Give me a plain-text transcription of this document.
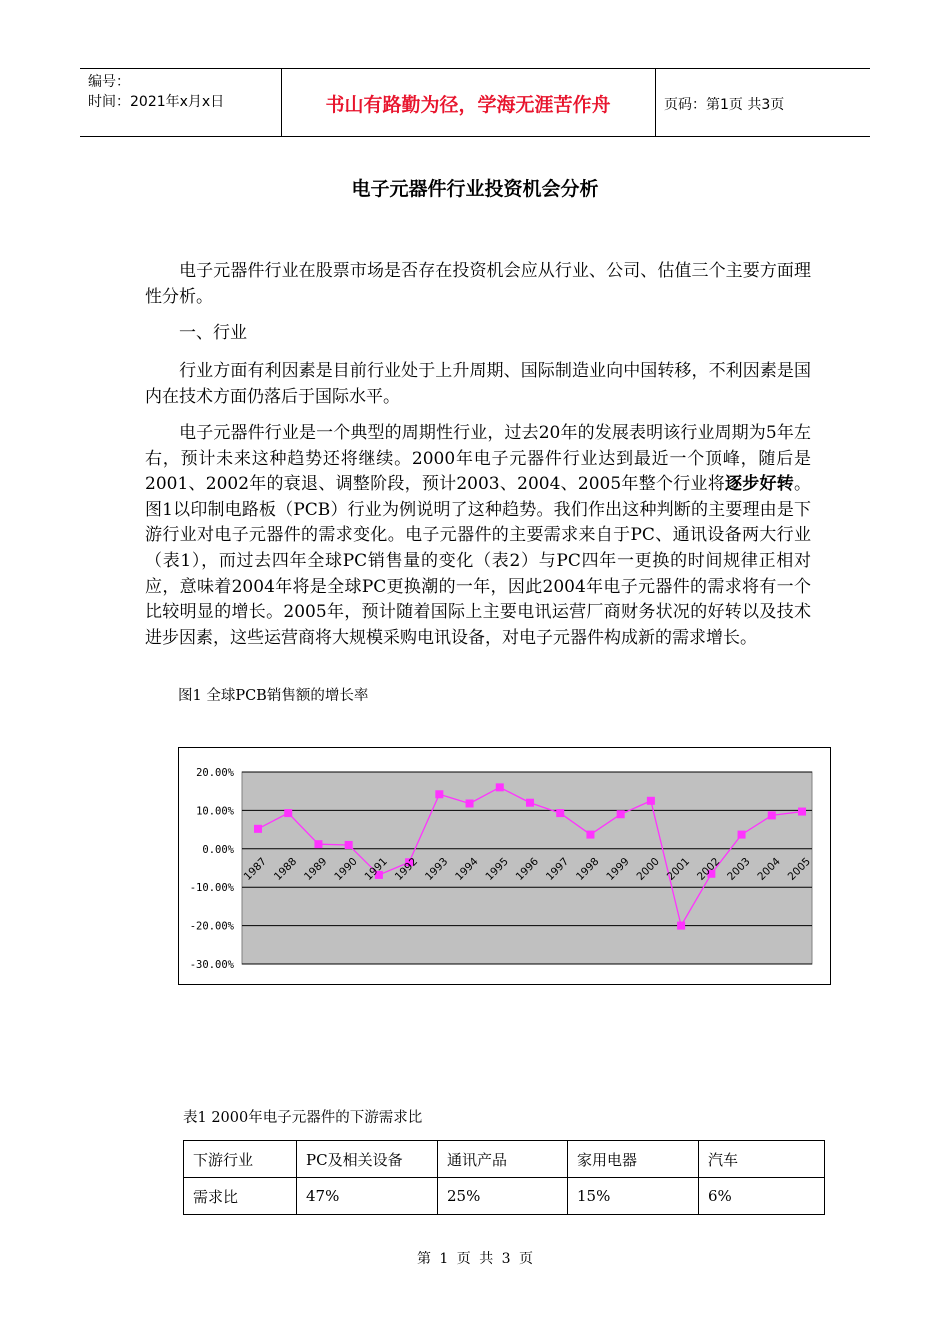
编号：
时间：2021年x月x日	书山有路勤为径，学海无涯苦作舟	页码：第1页 共3页
电子元器件行业投资机会分析

电子元器件行业在股票市场是否存在投资机会应从行业、公司、估值三个主要方面理性分析。

一、行业

行业方面有利因素是目前行业处于上升周期、国际制造业向中国转移，不利因素是国内在技术方面仍落后于国际水平。

电子元器件行业是一个典型的周期性行业，过去20年的发展表明该行业周期为5年左右，预计未来这种趋势还将继续。2000年电子元器件行业达到最近一个顶峰，随后是2001、2002年的衰退、调整阶段，预计2003、2004、2005年整个行业将逐步好转。图1以印制电路板（PCB）行业为例说明了这种趋势。我们作出这种判断的主要理由是下游行业对电子元器件的需求变化。电子元器件的主要需求来自于PC、通讯设备两大行业（表1），而过去四年全球PC销售量的变化（表2）与PC四年一更换的时间规律正相对应，意味着2004年将是全球PC更换潮的一年，因此2004年电子元器件的需求将有一个比较明显的增长。2005年，预计随着国际上主要电讯运营厂商财务状况的好转以及技术进步因素，这些运营商将大规模采购电讯设备，对电子元器件构成新的需求增长。

图1 全球PCB销售额的增长率
20.00%
10.00%
0.00%
-10.00%
-20.00%
-30.00%
1987 1988 1989 1990 1991 1992 1993 1994 1995 1996 1997 1998 1999 2000 2001 2002 2003 2004 2005
表1 2000年电子元器件的下游需求比
下游行业	PC及相关设备	通讯产品	家用电器	汽车
需求比	47%	25%	15%	6%
第 1 页 共 3 页
